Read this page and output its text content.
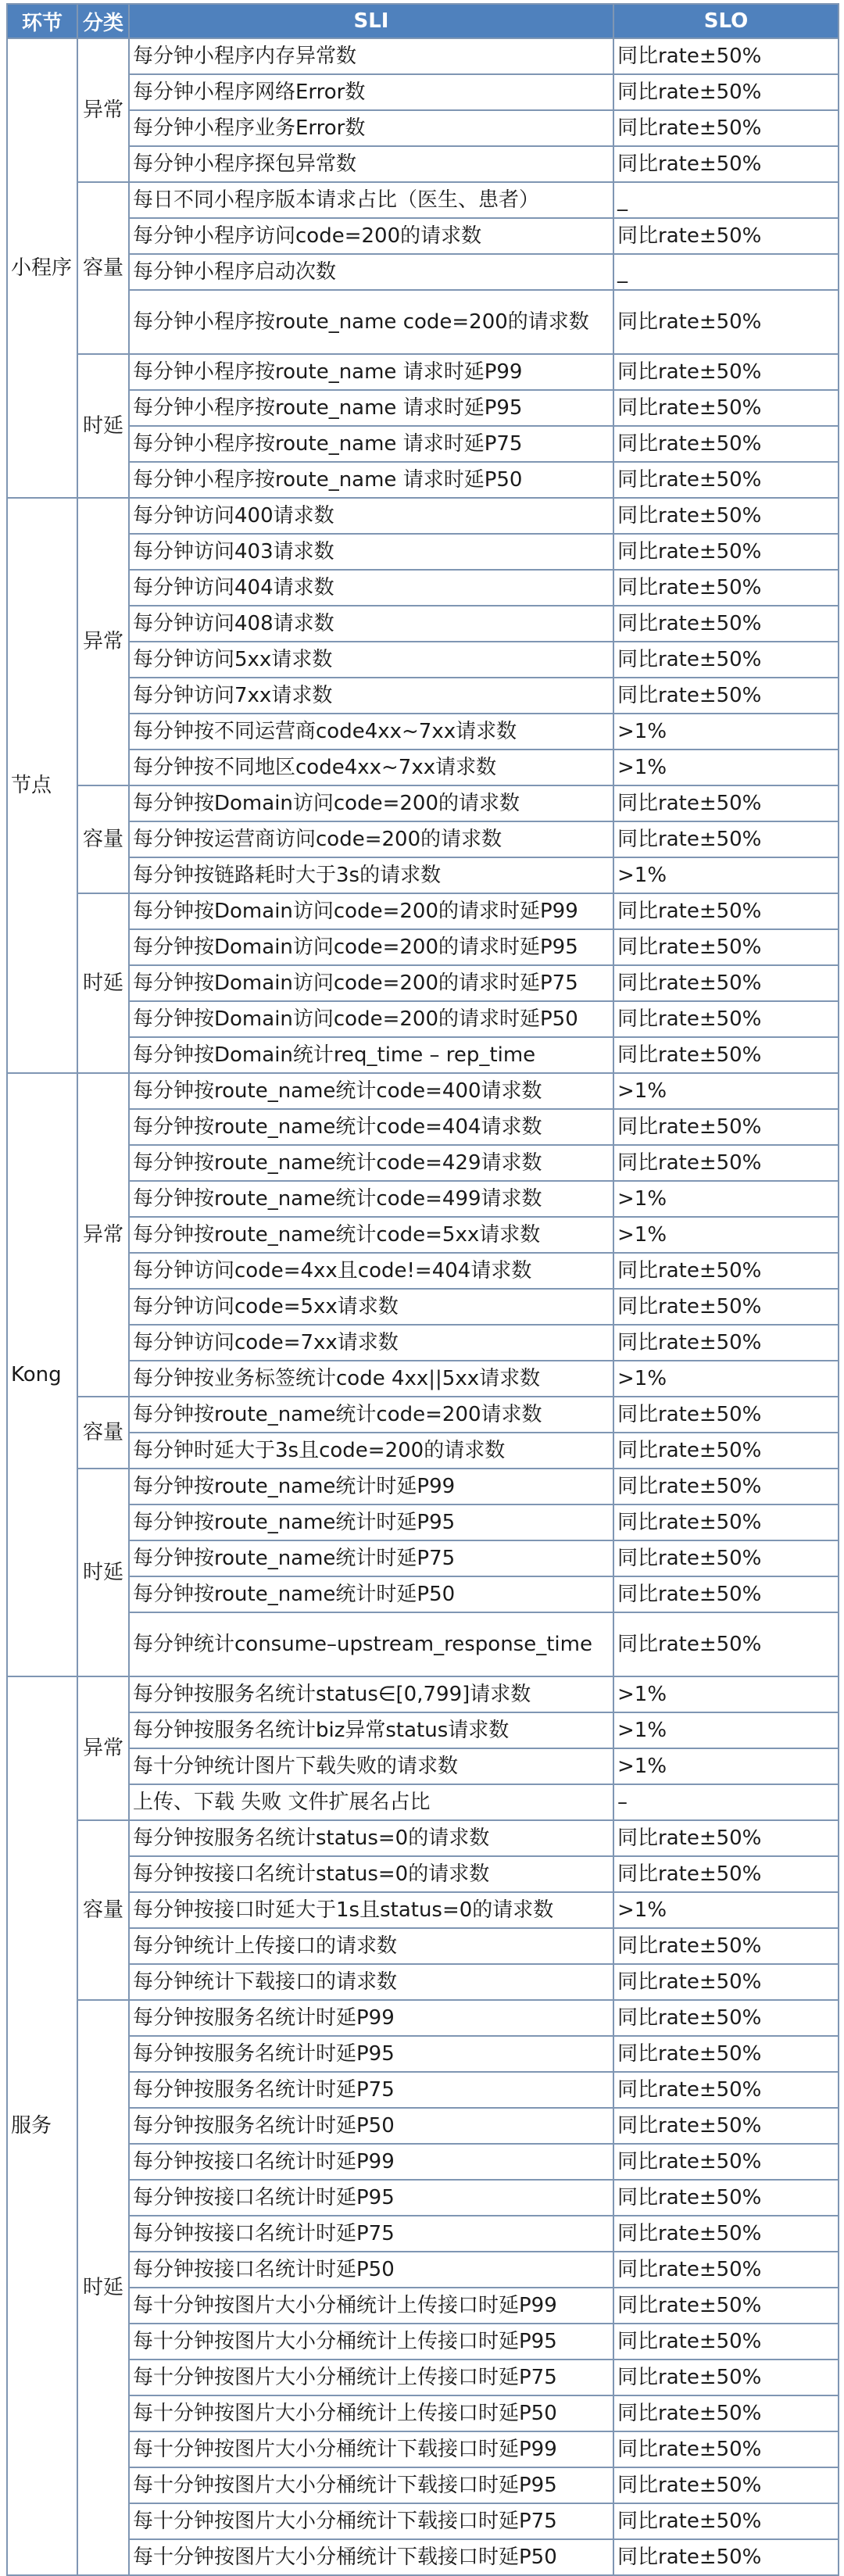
环节	分类	SLI	SLO
小程序	异常	每分钟小程序内存异常数	同比rate±50%
		每分钟小程序网络Error数	同比rate±50%
		每分钟小程序业务Error数	同比rate±50%
		每分钟小程序探包异常数	同比rate±50%
	容量	每日不同小程序版本请求占比（医生、患者）	_
		每分钟小程序访问code=200的请求数	同比rate±50%
		每分钟小程序启动次数	_
		每分钟小程序按route_name code=200的请求数	同比rate±50%
	时延	每分钟小程序按route_name 请求时延P99	同比rate±50%
		每分钟小程序按route_name 请求时延P95	同比rate±50%
		每分钟小程序按route_name 请求时延P75	同比rate±50%
		每分钟小程序按route_name 请求时延P50	同比rate±50%
节点	异常	每分钟访问400请求数	同比rate±50%
		每分钟访问403请求数	同比rate±50%
		每分钟访问404请求数	同比rate±50%
		每分钟访问408请求数	同比rate±50%
		每分钟访问5xx请求数	同比rate±50%
		每分钟访问7xx请求数	同比rate±50%
		每分钟按不同运营商code4xx~7xx请求数	>1%
		每分钟按不同地区code4xx~7xx请求数	>1%
	容量	每分钟按Domain访问code=200的请求数	同比rate±50%
		每分钟按运营商访问code=200的请求数	同比rate±50%
		每分钟按链路耗时大于3s的请求数	>1%
	时延	每分钟按Domain访问code=200的请求时延P99	同比rate±50%
		每分钟按Domain访问code=200的请求时延P95	同比rate±50%
		每分钟按Domain访问code=200的请求时延P75	同比rate±50%
		每分钟按Domain访问code=200的请求时延P50	同比rate±50%
		每分钟按Domain统计req_time – rep_time	同比rate±50%
Kong	异常	每分钟按route_name统计code=400请求数	>1%
		每分钟按route_name统计code=404请求数	同比rate±50%
		每分钟按route_name统计code=429请求数	同比rate±50%
		每分钟按route_name统计code=499请求数	>1%
		每分钟按route_name统计code=5xx请求数	>1%
		每分钟访问code=4xx且code!=404请求数	同比rate±50%
		每分钟访问code=5xx请求数	同比rate±50%
		每分钟访问code=7xx请求数	同比rate±50%
		每分钟按业务标签统计code 4xx||5xx请求数	>1%
	容量	每分钟按route_name统计code=200请求数	同比rate±50%
		每分钟时延大于3s且code=200的请求数	同比rate±50%
	时延	每分钟按route_name统计时延P99	同比rate±50%
		每分钟按route_name统计时延P95	同比rate±50%
		每分钟按route_name统计时延P75	同比rate±50%
		每分钟按route_name统计时延P50	同比rate±50%
		每分钟统计consume–upstream_response_time	同比rate±50%
服务	异常	每分钟按服务名统计status∈[0,799]请求数	>1%
		每分钟按服务名统计biz异常status请求数	>1%
		每十分钟统计图片下载失败的请求数	>1%
		上传、下载 失败 文件扩展名占比	–
	容量	每分钟按服务名统计status=0的请求数	同比rate±50%
		每分钟按接口名统计status=0的请求数	同比rate±50%
		每分钟按接口时延大于1s且status=0的请求数	>1%
		每分钟统计上传接口的请求数	同比rate±50%
		每分钟统计下载接口的请求数	同比rate±50%
	时延	每分钟按服务名统计时延P99	同比rate±50%
		每分钟按服务名统计时延P95	同比rate±50%
		每分钟按服务名统计时延P75	同比rate±50%
		每分钟按服务名统计时延P50	同比rate±50%
		每分钟按接口名统计时延P99	同比rate±50%
		每分钟按接口名统计时延P95	同比rate±50%
		每分钟按接口名统计时延P75	同比rate±50%
		每分钟按接口名统计时延P50	同比rate±50%
		每十分钟按图片大小分桶统计上传接口时延P99	同比rate±50%
		每十分钟按图片大小分桶统计上传接口时延P95	同比rate±50%
		每十分钟按图片大小分桶统计上传接口时延P75	同比rate±50%
		每十分钟按图片大小分桶统计上传接口时延P50	同比rate±50%
		每十分钟按图片大小分桶统计下载接口时延P99	同比rate±50%
		每十分钟按图片大小分桶统计下载接口时延P95	同比rate±50%
		每十分钟按图片大小分桶统计下载接口时延P75	同比rate±50%
		每十分钟按图片大小分桶统计下载接口时延P50	同比rate±50%
